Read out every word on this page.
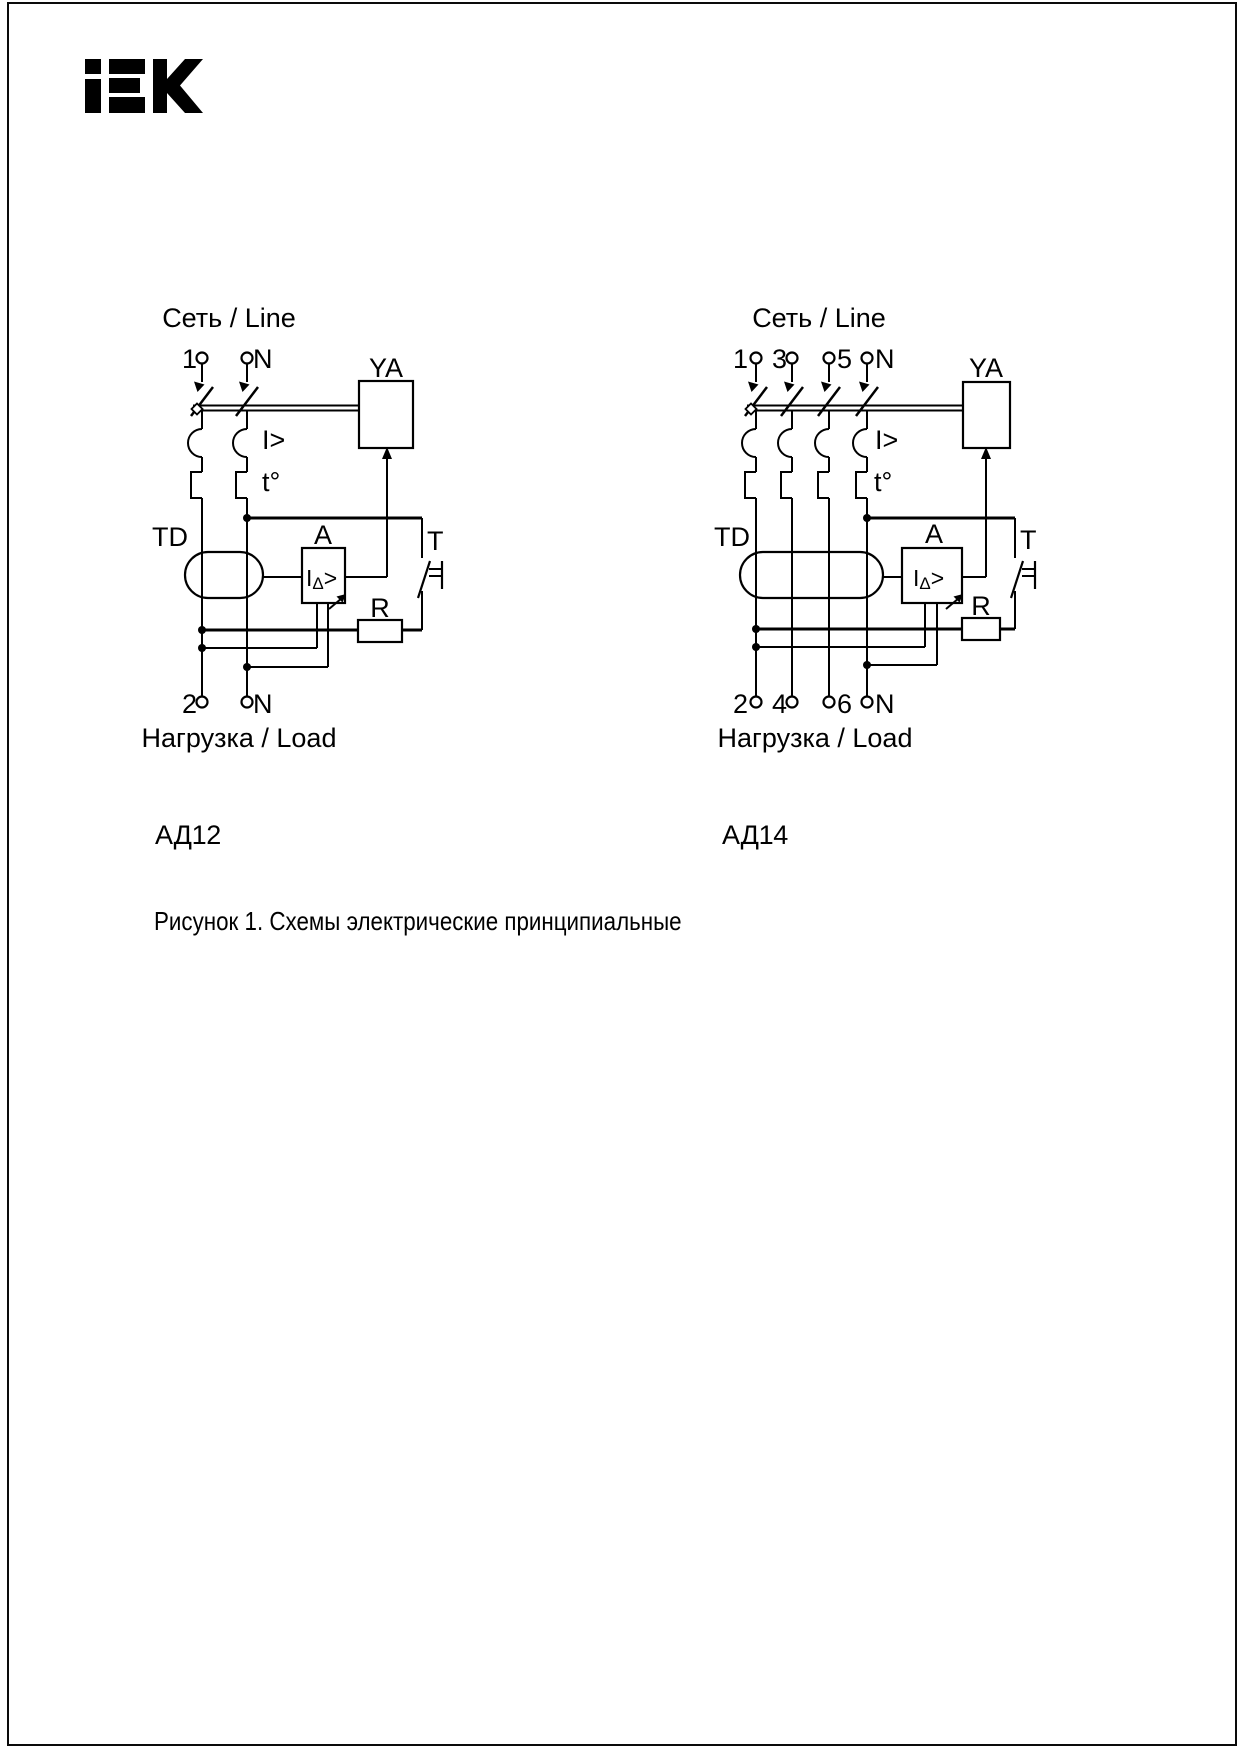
Сеть / Line
1 N
2 N
I>
t°
YA
T
TD	A
IΔ>
R
Нагрузка / Load
Сеть / Line
1 3 5 N
2 4 6 N
I>
t°
YA
T
TD	A
IΔ>
R
Нагрузка / Load
АД12	АД14
Рисунок 1. Схемы электрические принципиальные
